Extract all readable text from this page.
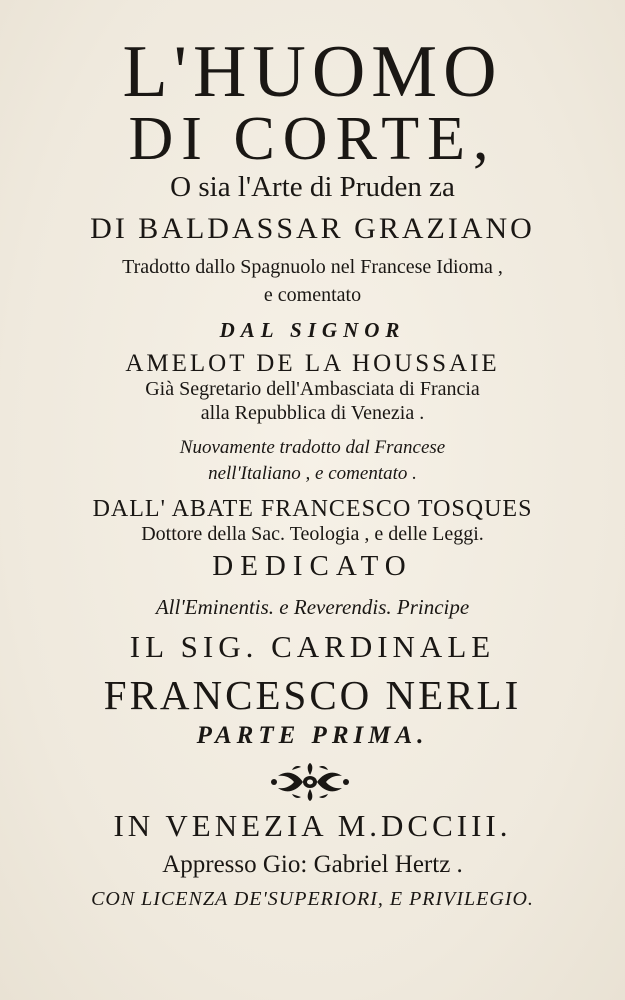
L'HUOMO

DI CORTE,

O sia l'Arte di Pruden za

DI BALDASSAR GRAZIANO

Tradotto dallo Spagnuolo nel Francese Idioma ,

e comentato

DAL SIGNOR

AMELOT DE LA HOUSSAIE

Già Segretario dell'Ambasciata di Francia

alla Repubblica di Venezia .

Nuovamente tradotto dal Francese

nell'Italiano , e comentato .

DALL' ABATE FRANCESCO TOSQUES

Dottore della Sac. Teologia , e delle Leggi.

DEDICATO

All'Eminentis. e Reverendis. Principe

IL SIG. CARDINALE

FRANCESCO NERLI

PARTE PRIMA.

IN VENEZIA M.DCCIII.

Appresso Gio: Gabriel Hertz .

CON LICENZA DE'SUPERIORI, E PRIVILEGIO.
